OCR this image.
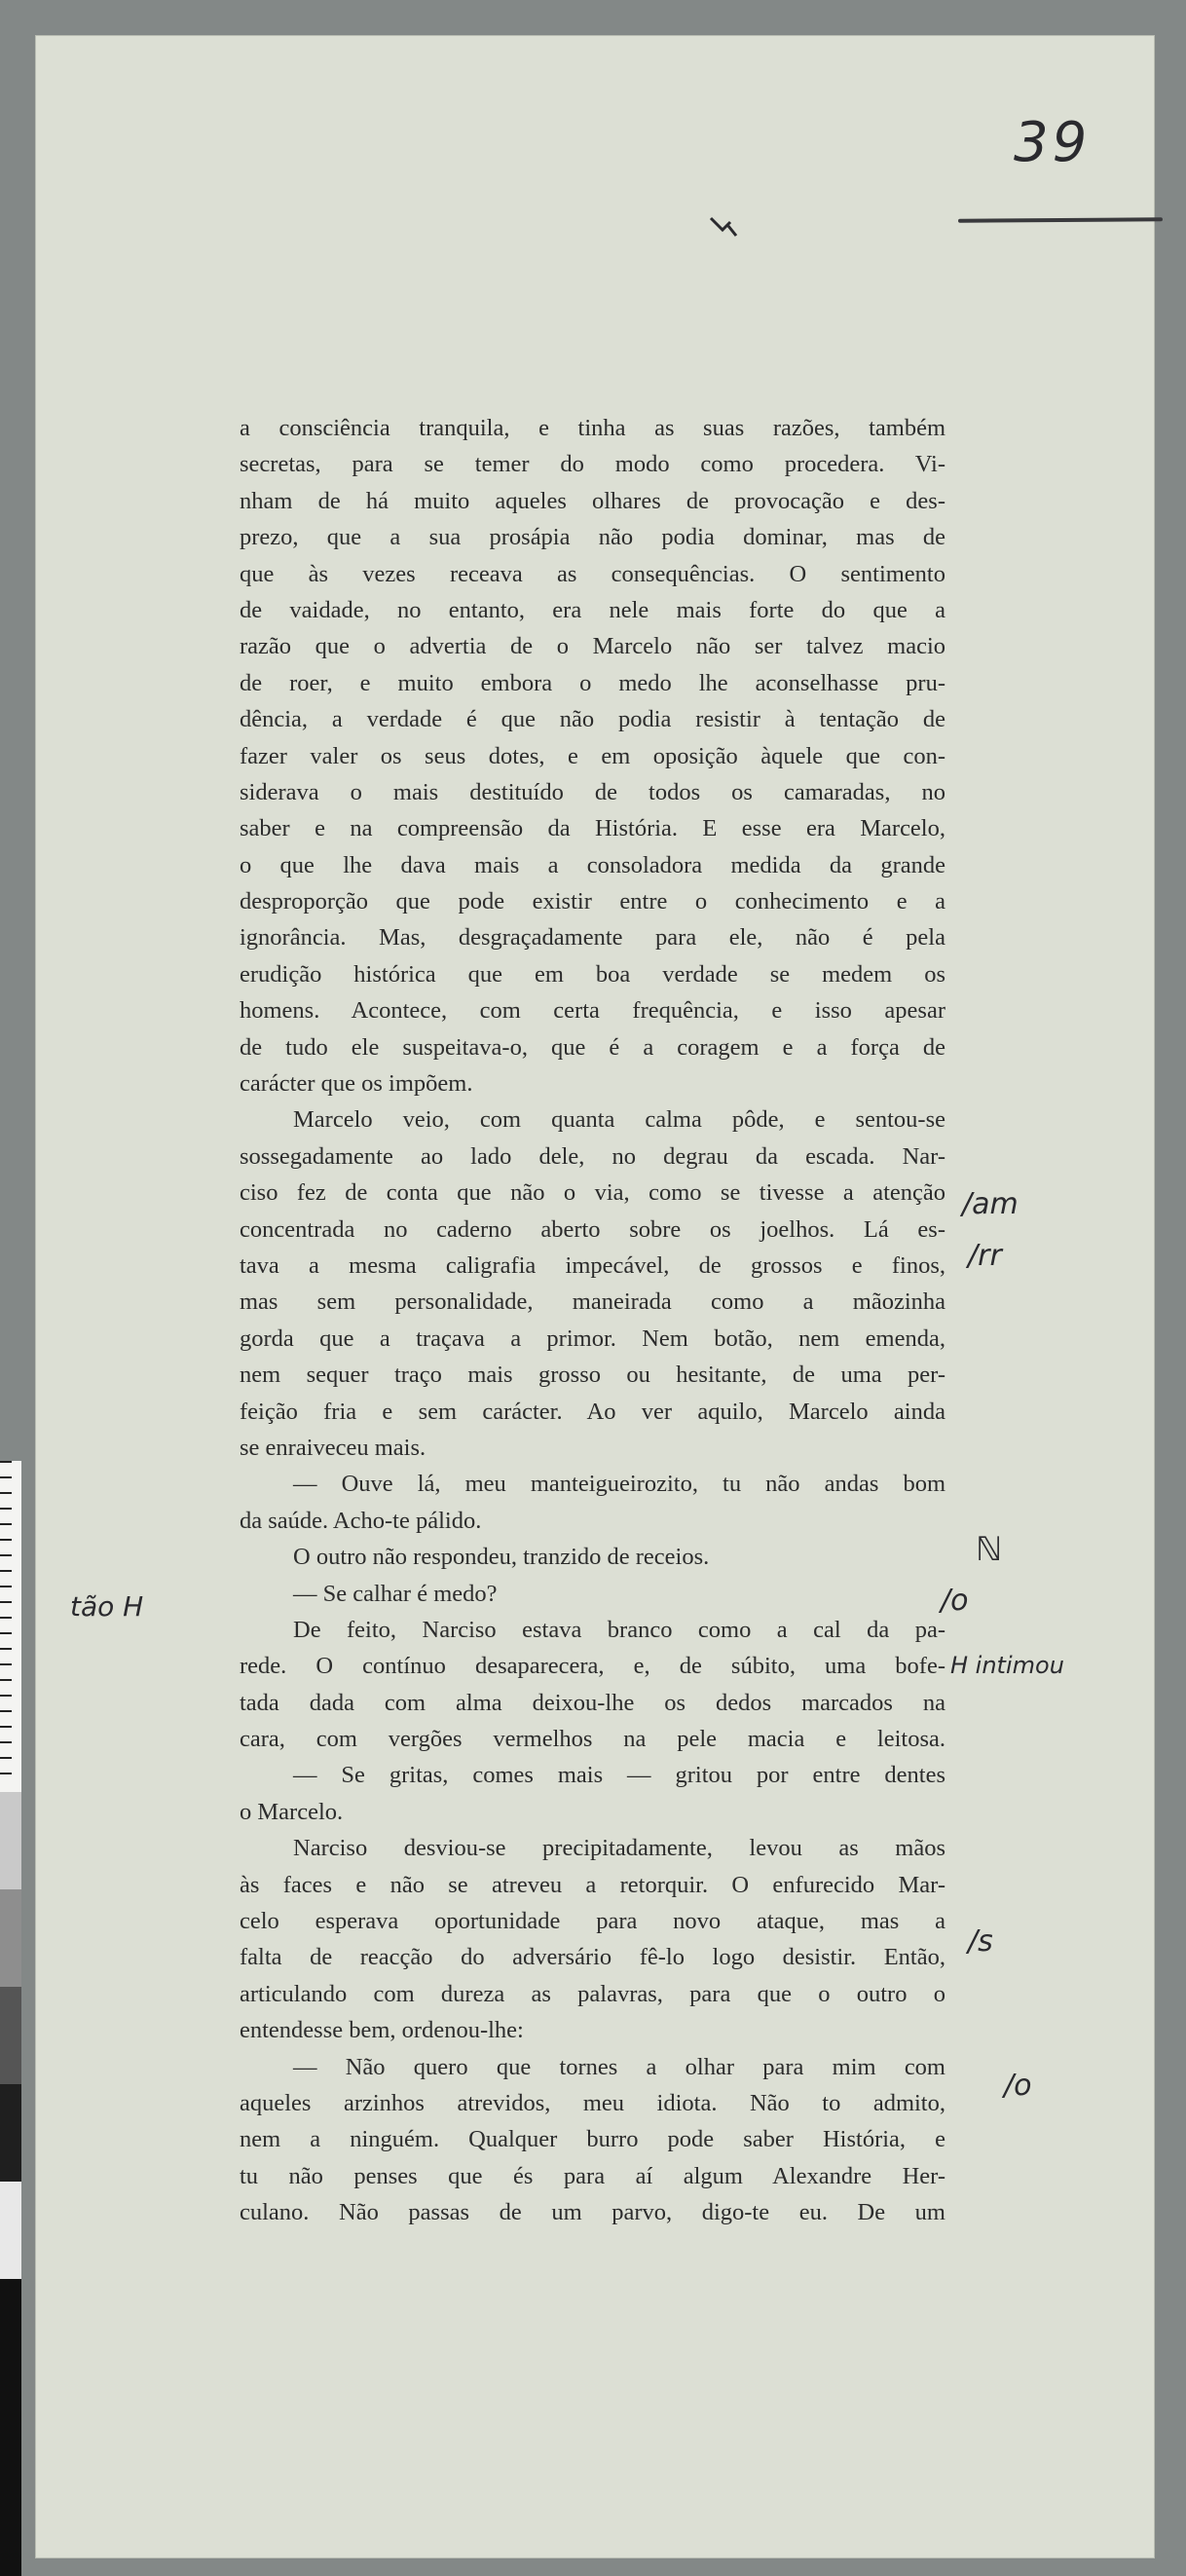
39
a consciência tranquila, e tinha as suas razões, também
secretas, para se temer do modo como procedera. Vi-
nham de há muito aqueles olhares de provocação e des-
prezo, que a sua prosápia não podia dominar, mas de
que às vezes receava as consequências. O sentimento
de vaidade, no entanto, era nele mais forte do que a
razão que o advertia de o Marcelo não ser talvez macio
de roer, e muito embora o medo lhe aconselhasse pru-
dência, a verdade é que não podia resistir à tentação de
fazer valer os seus dotes, e em oposição àquele que con-
siderava o mais destituído de todos os camaradas, no
saber e na compreensão da História. E esse era Marcelo,
o que lhe dava mais a consoladora medida da grande
desproporção que pode existir entre o conhecimento e a
ignorância. Mas, desgraçadamente para ele, não é pela
erudição histórica que em boa verdade se medem os
homens. Acontece, com certa frequência, e isso apesar
de tudo ele suspeitava-o, que é a coragem e a força de
carácter que os impõem.
Marcelo veio, com quanta calma pôde, e sentou-se
sossegadamente ao lado dele, no degrau da escada. Nar-
ciso fez de conta que não o via, como se tivesse a atenção
concentrada no caderno aberto sobre os joelhos. Lá es-
tava a mesma caligrafia impecável, de grossos e finos,
mas sem personalidade, maneirada como a mãozinha
gorda que a traçava a primor. Nem botão, nem emenda,
nem sequer traço mais grosso ou hesitante, de uma per-
feição fria e sem carácter. Ao ver aquilo, Marcelo ainda
se enraiveceu mais.
— Ouve lá, meu manteigueirozito, tu não andas bom
da saúde. Acho-te pálido.
O outro não respondeu, tranzido de receios.
— Se calhar é medo?
De feito, Narciso estava branco como a cal da pa-
rede. O contínuo desaparecera, e, de súbito, uma bofe-
tada dada com alma deixou-lhe os dedos marcados na
cara, com vergões vermelhos na pele macia e leitosa.
— Se gritas, comes mais — gritou por entre dentes
o Marcelo.
Narciso desviou-se precipitadamente, levou as mãos
às faces e não se atreveu a retorquir. O enfurecido Mar-
celo esperava oportunidade para novo ataque, mas a
falta de reacção do adversário fê-lo logo desistir. Então,
articulando com dureza as palavras, para que o outro o
entendesse bem, ordenou-lhe:
— Não quero que tornes a olhar para mim com
aqueles arzinhos atrevidos, meu idiota. Não to admito,
nem a ninguém. Qualquer burro pode saber História, e
tu não penses que és para aí algum Alexandre Her-
culano. Não passas de um parvo, digo-te eu. De um
/am
/rr
ℕ
/o
H intimou
tão H
/s
/o
